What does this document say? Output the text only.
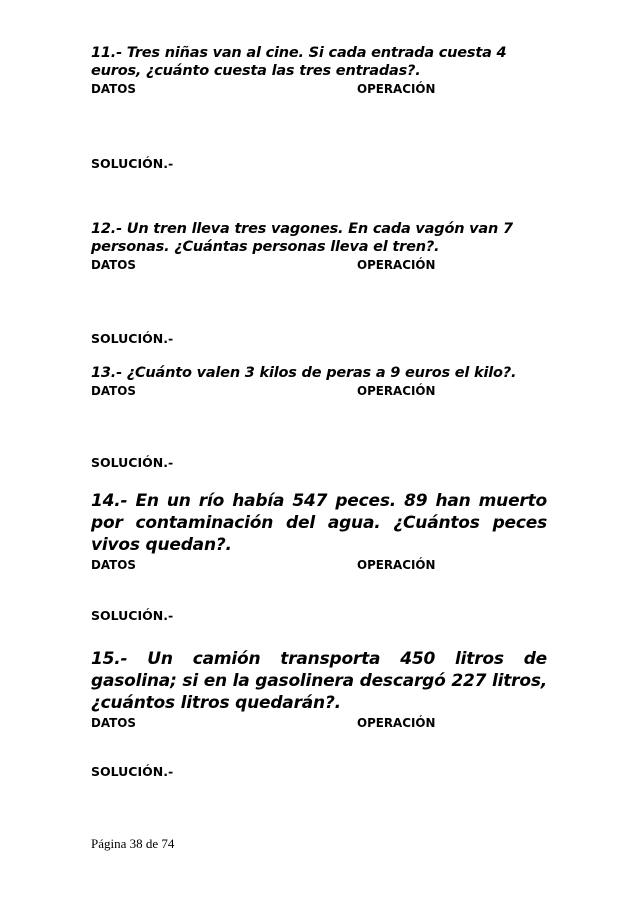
11.- Tres niñas van al cine. Si cada entrada cuesta 4 euros, ¿cuánto cuesta las tres entradas?.

DATOS	OPERACIÓN
SOLUCIÓN.-

12.- Un tren lleva tres vagones. En cada vagón van 7 personas. ¿Cuántas personas lleva el tren?.

DATOS	OPERACIÓN
SOLUCIÓN.-

13.- ¿Cuánto valen 3 kilos de peras a 9 euros el kilo?.

DATOS	OPERACIÓN
SOLUCIÓN.-

14.- En un río había 547 peces. 89 han muerto por contaminación del agua. ¿Cuántos peces vivos quedan?.

DATOS	OPERACIÓN
SOLUCIÓN.-

15.- Un camión transporta 450 litros de gasolina; si en la gasolinera descargó 227 litros, ¿cuántos litros quedarán?.

DATOS	OPERACIÓN
SOLUCIÓN.-
Página 38 de 74
